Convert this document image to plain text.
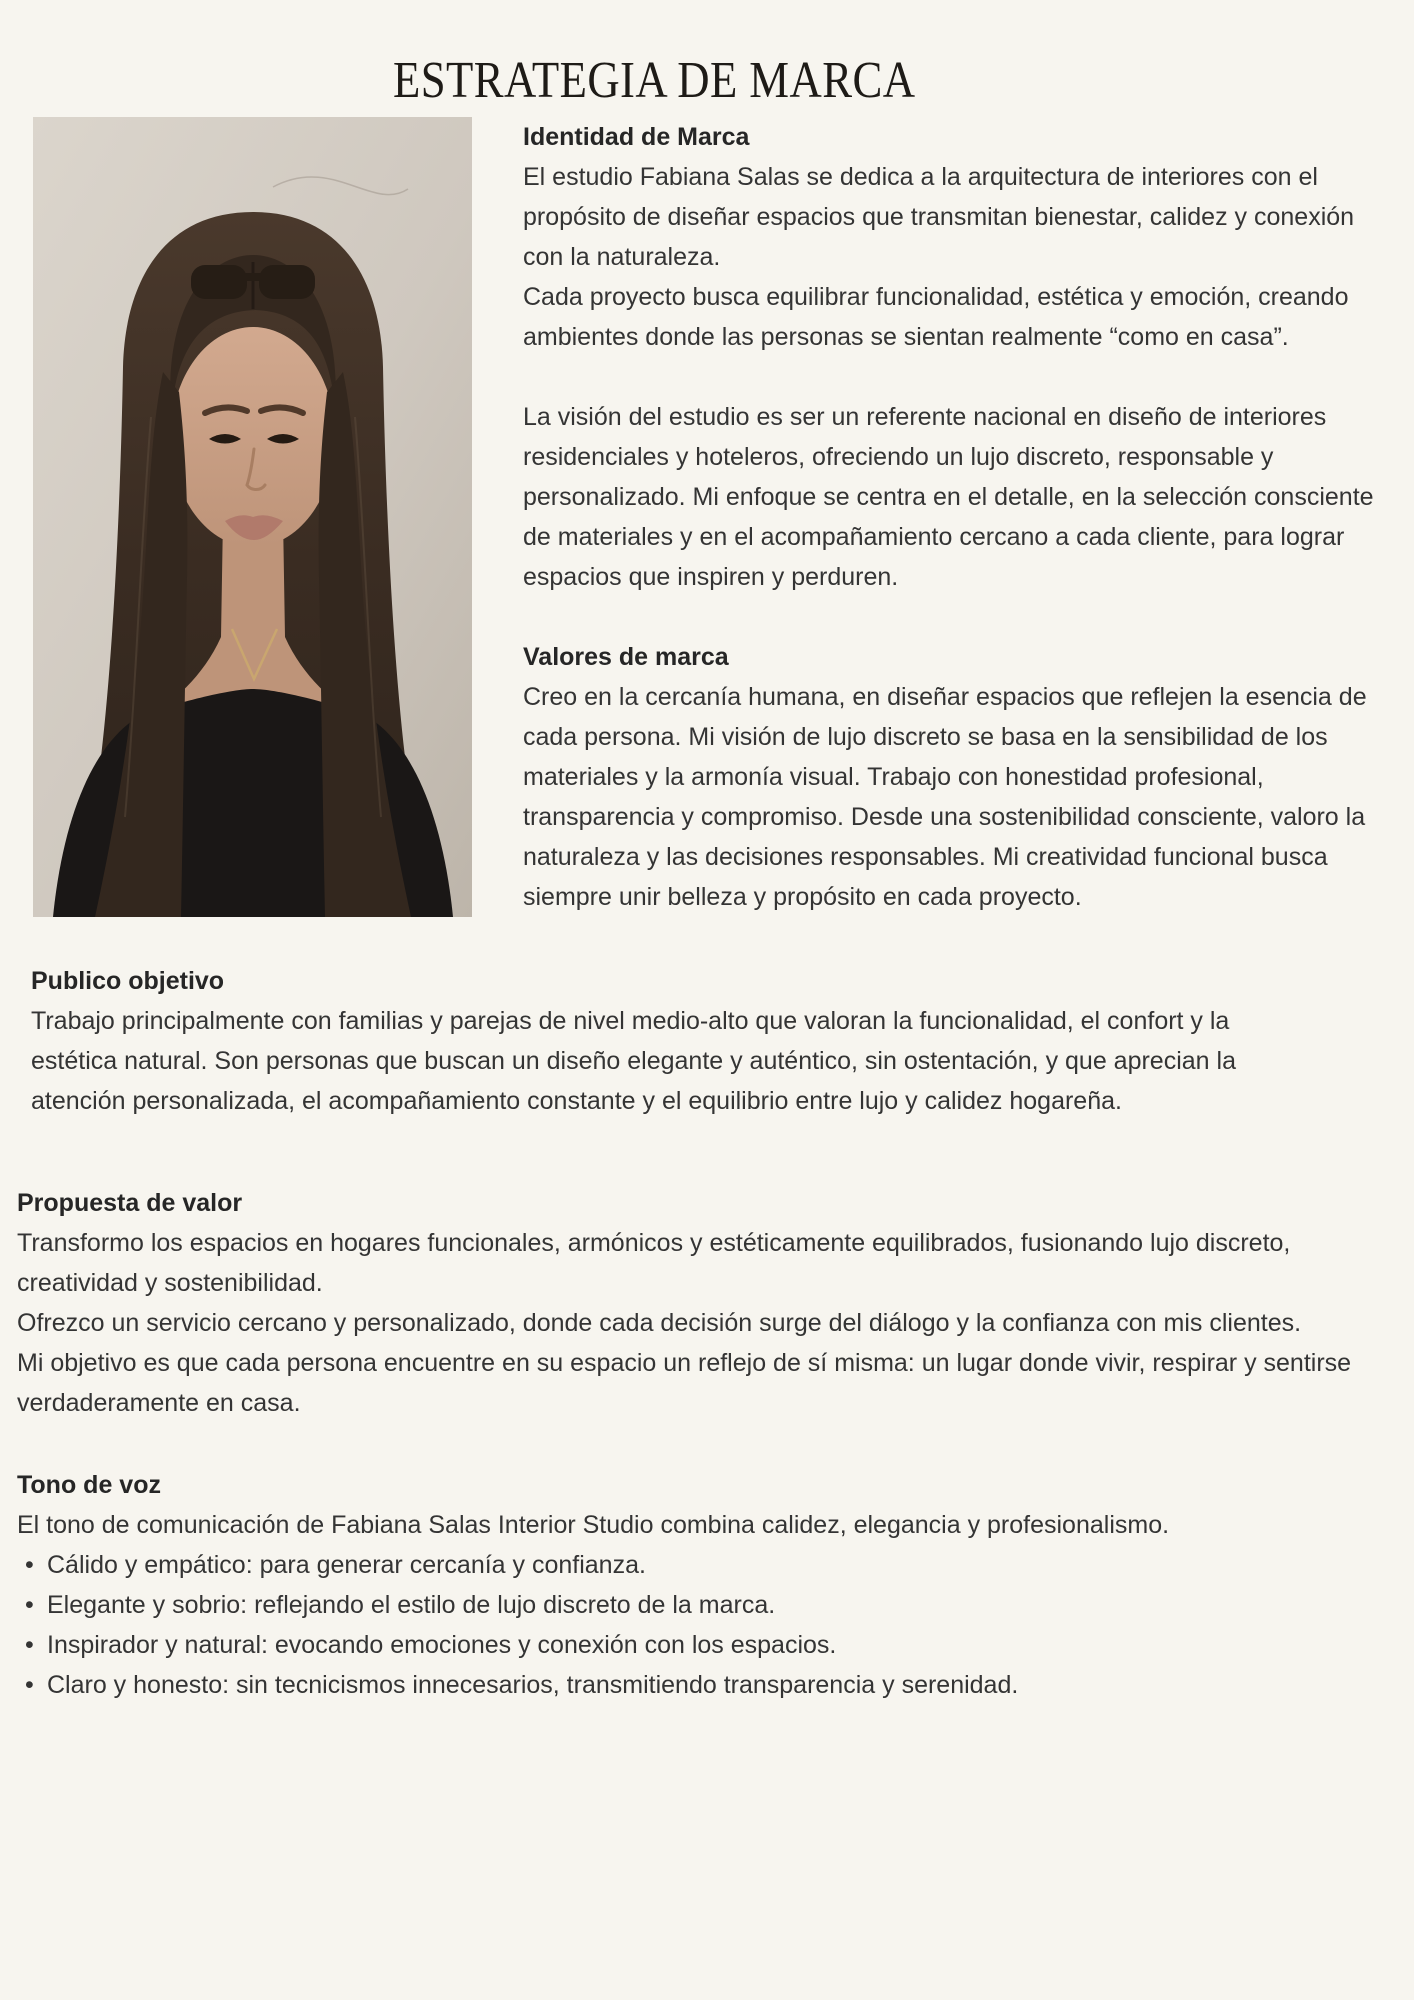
ESTRATEGIA DE MARCA
Identidad de Marca

El estudio Fabiana Salas se dedica a la arquitectura de interiores con el propósito de diseñar espacios que transmitan bienestar, calidez y conexión con la naturaleza.

Cada proyecto busca equilibrar funcionalidad, estética y emoción, creando ambientes donde las personas se sientan realmente “como en casa”.

La visión del estudio es ser un referente nacional en diseño de interiores residenciales y hoteleros, ofreciendo un lujo discreto, responsable y personalizado. Mi enfoque se centra en el detalle, en la selección consciente de materiales y en el acompañamiento cercano a cada cliente, para lograr espacios que inspiren y perduren.

Valores de marca

Creo en la cercanía humana, en diseñar espacios que reflejen la esencia de cada persona. Mi visión de lujo discreto se basa en la sensibilidad de los materiales y la armonía visual. Trabajo con honestidad profesional, transparencia y compromiso. Desde una sostenibilidad consciente, valoro la naturaleza y las decisiones responsables. Mi creatividad funcional busca siempre unir belleza y propósito en cada proyecto.

Publico objetivo

Trabajo principalmente con familias y parejas de nivel medio-alto que valoran la funcionalidad, el confort y la estética natural. Son personas que buscan un diseño elegante y auténtico, sin ostentación, y que aprecian la atención personalizada, el acompañamiento constante y el equilibrio entre lujo y calidez hogareña.

Propuesta de valor

Transformo los espacios en hogares funcionales, armónicos y estéticamente equilibrados, fusionando lujo discreto, creatividad y sostenibilidad.

Ofrezco un servicio cercano y personalizado, donde cada decisión surge del diálogo y la confianza con mis clientes.

Mi objetivo es que cada persona encuentre en su espacio un reflejo de sí misma: un lugar donde vivir, respirar y sentirse verdaderamente en casa.

Tono de voz

El tono de comunicación de Fabiana Salas Interior Studio combina calidez, elegancia y profesionalismo.

• Cálido y empático: para generar cercanía y confianza.
• Elegante y sobrio: reflejando el estilo de lujo discreto de la marca.
• Inspirador y natural: evocando emociones y conexión con los espacios.
• Claro y honesto: sin tecnicismos innecesarios, transmitiendo transparencia y serenidad.
